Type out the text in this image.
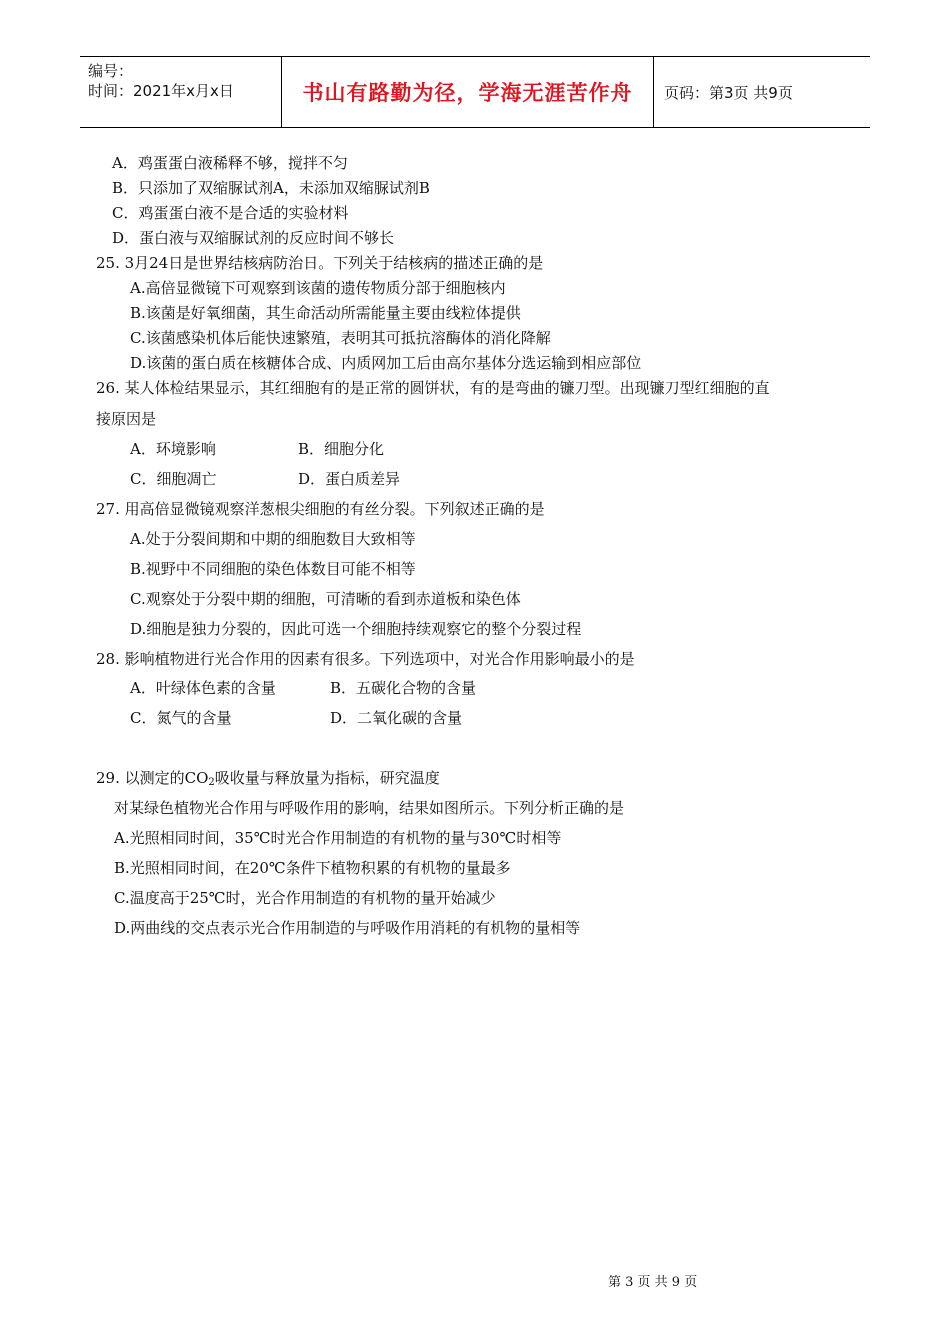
编号：
时间：2021年x月x日	书山有路勤为径，学海无涯苦作舟 页码：第3页 共9页
A．鸡蛋蛋白液稀释不够，搅拌不匀
B．只添加了双缩脲试剂A，未添加双缩脲试剂B
C．鸡蛋蛋白液不是合适的实验材料
D．蛋白液与双缩脲试剂的反应时间不够长
25. 3月24日是世界结核病防治日。下列关于结核病的描述正确的是
A.高倍显微镜下可观察到该菌的遗传物质分部于细胞核内
B.该菌是好氧细菌，其生命活动所需能量主要由线粒体提供
C.该菌感染机体后能快速繁殖，表明其可抵抗溶酶体的消化降解
D.该菌的蛋白质在核糖体合成、内质网加工后由高尔基体分选运输到相应部位
26. 某人体检结果显示，其红细胞有的是正常的圆饼状，有的是弯曲的镰刀型。出现镰刀型红细胞的直
接原因是
A．环境影响	B．细胞分化
C．细胞凋亡	D．蛋白质差异
27. 用高倍显微镜观察洋葱根尖细胞的有丝分裂。下列叙述正确的是
A.处于分裂间期和中期的细胞数目大致相等
B.视野中不同细胞的染色体数目可能不相等
C.观察处于分裂中期的细胞，可清晰的看到赤道板和染色体
D.细胞是独力分裂的，因此可选一个细胞持续观察它的整个分裂过程
28. 影响植物进行光合作用的因素有很多。下列选项中，对光合作用影响最小的是
A．叶绿体色素的含量	B．五碳化合物的含量
C．氮气的含量	D．二氧化碳的含量
29. 以测定的$CO_2$吸收量与释放量为指标，研究温度
对某绿色植物光合作用与呼吸作用的影响，结果如图所示。下列分析正确的是
A.光照相同时间，35℃时光合作用制造的有机物的量与30℃时相等
B.光照相同时间，在20℃条件下植物积累的有机物的量最多
C.温度高于25℃时，光合作用制造的有机物的量开始减少
D.两曲线的交点表示光合作用制造的与呼吸作用消耗的有机物的量相等
第 3 页 共 9 页
